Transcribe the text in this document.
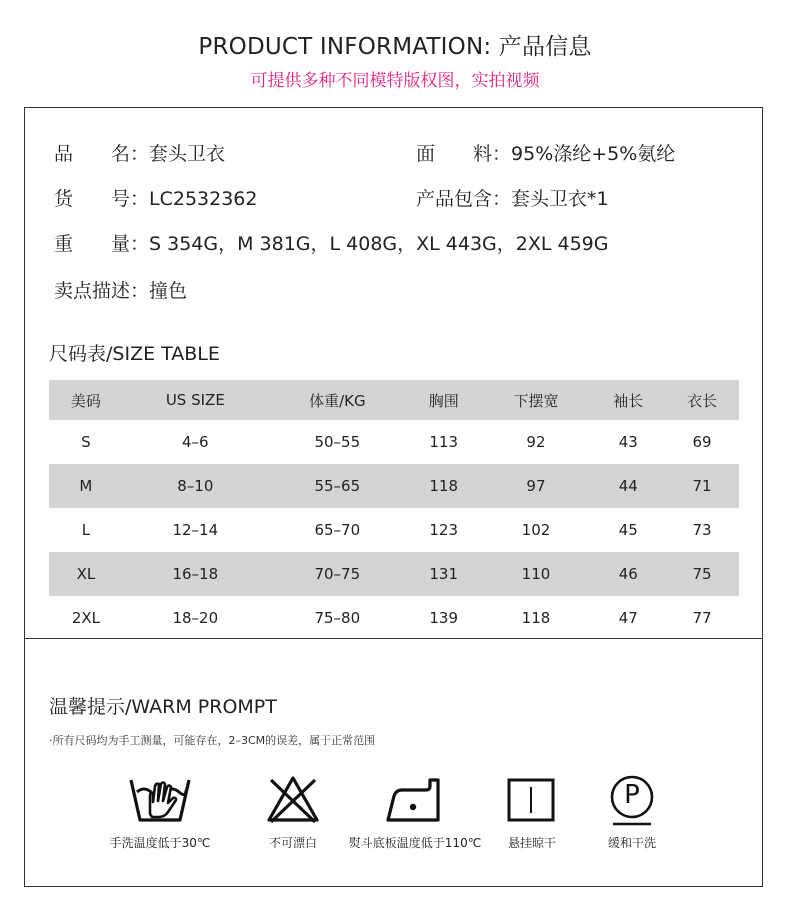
PRODUCT INFORMATION: 产品信息
可提供多种不同模特版权图，实拍视频
品　　名：套头卫衣	面　　料：95%涤纶+5%氨纶
货　　号：LC2532362	产品包含：套头卫衣*1
重　　量：S 354G，M 381G，L 408G，XL 443G，2XL 459G
卖点描述：撞色
尺码表/SIZE TABLE
美码	US SIZE	体重/KG	胸围	下摆宽	袖长	衣长
S	4–6	50–55	113	92	43	69
M	8–10	55–65	118	97	44	71
L	12–14	65–70	123	102	45	73
XL	16–18	70–75	131	110	46	75
2XL	18–20	75–80	139	118	47	77
温馨提示/WARM PROMPT
·所有尺码均为手工测量，可能存在，2–3CM的误差，属于正常范围
手洗温度低于30℃	不可漂白	熨斗底板温度低于110℃	悬挂晾干
P
缓和干洗
